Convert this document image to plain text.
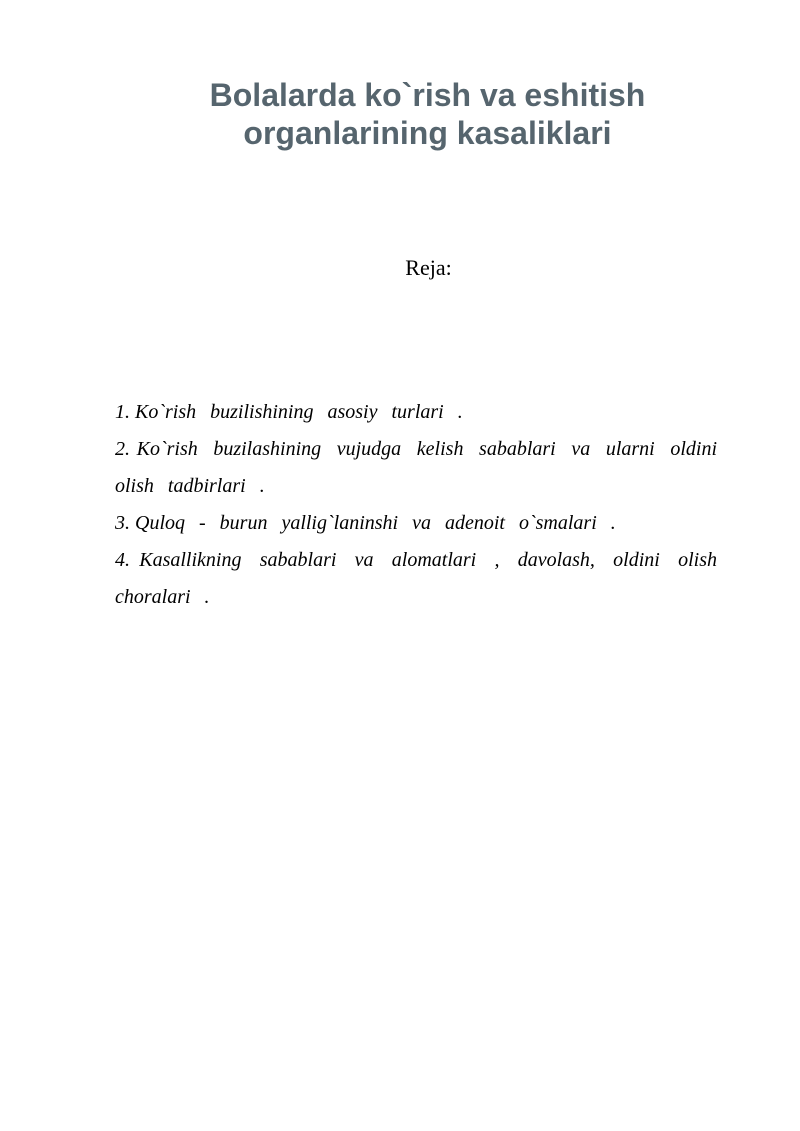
Bolalarda ko`rish va eshitish
organlarining kasaliklari

Reja:

1. Ko`rish buzilishining asosiy turlari .
2. Ko`rish buzilashining vujudga kelish sabablari va ularni oldini olish tadbirlari .
3. Quloq - burun yallig`laninshi va adenoit o`smalari .
4. Kasallikning sabablari va alomatlari , davolash, oldini olish choralari .
